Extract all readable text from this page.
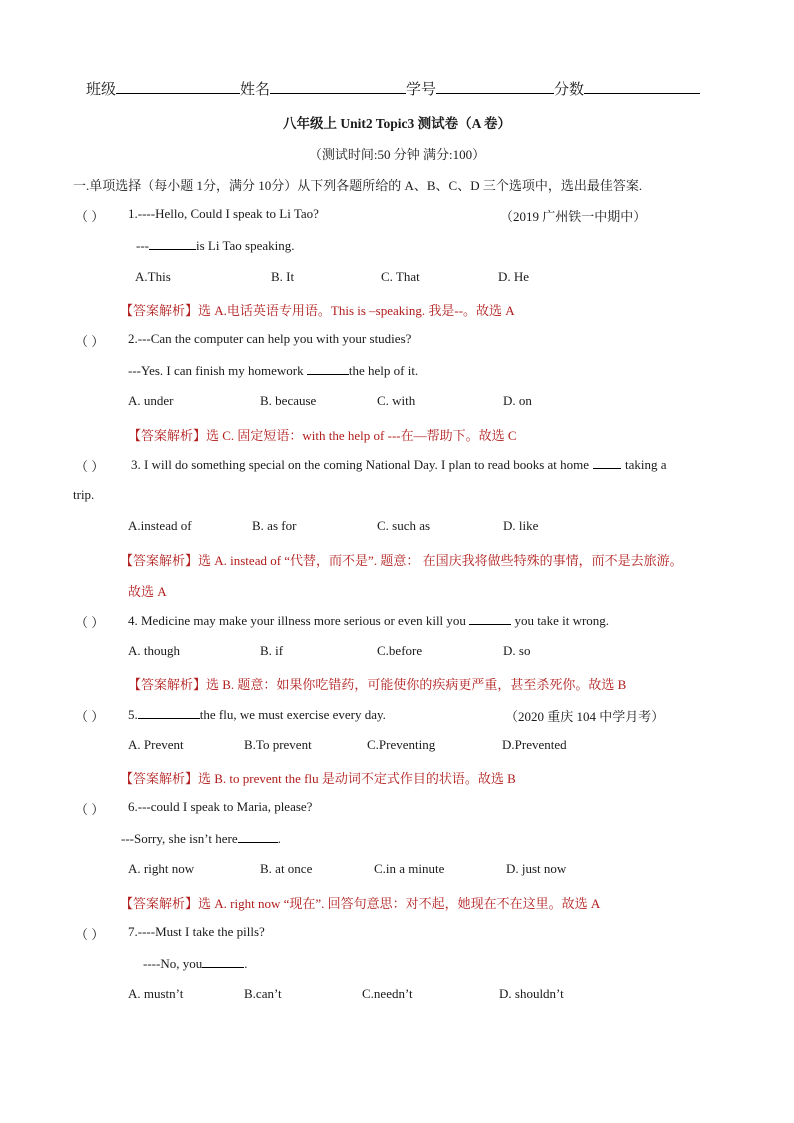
班级	姓名	学号	分数
八年级上 Unit2 Topic3 测试卷（A 卷）
（测试时间:50 分钟 满分:100）
一.单项选择（每小题 1分，满分 10分）从下列各题所给的 A、B、C、D 三个选项中，选出最佳答案.
（ ） 1.----Hello, Could I speak to Li Tao?	（2019 广州铁一中期中）
---	is Li Tao speaking.
A.This	B. It	C. That	D. He
【答案解析】选 A.电话英语专用语。This is –speaking. 我是--。故选 A
（ ） 2.---Can the computer can help you with your studies?
---Yes. I can finish my homework	the help of it.
A. under	B. because	C. with	D. on
【答案解析】选 C. 固定短语：with the help of ---在—帮助下。故选 C
（ ） 3. I will do something special on the coming National Day. I plan to read books at home	taking a
trip.
A.instead of	B. as for	C. such as	D. like
【答案解析】选 A. instead of “代替，而不是”. 题意： 在国庆我将做些特殊的事情，而不是去旅游。
故选 A
（ ） 4. Medicine may make your illness more serious or even kill you	you take it wrong.
A. though	B. if	C.before	D. so
【答案解析】选 B. 题意：如果你吃错药，可能使你的疾病更严重，甚至杀死你。故选 B
（ ） 5.	the flu, we must exercise every day.	（2020 重庆 104 中学月考）
A. Prevent	B.To prevent	C.Preventing	D.Prevented
【答案解析】选 B. to prevent the flu 是动词不定式作目的状语。故选 B
（ ） 6.---could I speak to Maria, please?
---Sorry, she isn’t here	.
A. right now	B. at once	C.in a minute	D. just now
【答案解析】选 A. right now “现在”. 回答句意思：对不起，她现在不在这里。故选 A
（ ） 7.----Must I take the pills?
----No, you	.
A. mustn’t	B.can’t	C.needn’t	D. shouldn’t
